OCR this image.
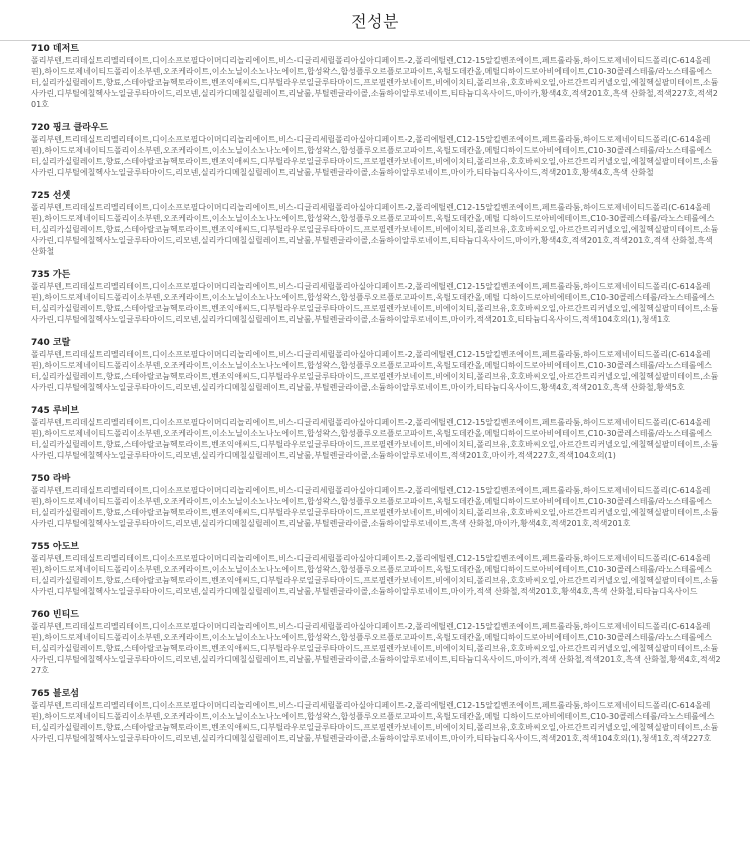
전성분

710 데저트

폴리부텐,트리데실트리멜리테이트,디이소프로필다이머디리놀리에이트,비스-디글리세릴폴리아실아디페이트-2,폴리에틸렌,C12-15알킬벤조에이트,페트롤라툼,하이드로제네이티드폴리(C-614올레핀),하이드로제네이티드폴리이소부텐,오조케라이트,이소노닐이소노나노에이트,합성왁스,합성플루오르플로고파이트,옥틸도데칸올,메틸디하이드로아비에테이트,C10-30콜레스테롤/라노스테롤에스터,실리카실릴레이트,향료,스테아랄코늄헥토라이트,벤조익애씨드,디부틸라우로일글루타마이드,프로필렌카보네이트,비에이치티,폴리브유,호호바씨오일,아르간트리커넬오일,에칠헥실팔미테이트,소듐사카린,디부틸에칠헥사노일글루타마이드,리모넨,실리카디메칠실릴레이트,리날룰,부틸렌글라이콜,소듐하이알루로네이트,티타늄디옥사이드,마이카,황색4호,적색201호,흑색 산화철,적색227호,적색201호

720 핑크 클라우드

폴리부텐,트리데실트리멜리테이트,디이소프로필다이머디리놀리에이트,비스-디글리세릴폴리아실아디페이트-2,폴리에틸렌,C12-15알킬벤조에이트,페트롤라툼,하이드로제네이티드폴리(C-614올레핀),하이드로제네이티드폴리이소부텐,오조케라이트,이소노닐이소노나노에이트,합성왁스,합성플루오르플로고파이트,옥틸도데칸올,메틸디하이드로아비에테이트,C10-30콜레스테롤/라노스테롤에스터,실리카실릴레이트,향료,스테아랄코늄헥토라이트,벤조익애씨드,디부틸라우로일글루타마이드,프로필렌카보네이트,비에이치티,폴리브유,호호바씨오일,아르간트리커넬오일,에칠헥실팔미테이트,소듐사카린,디부틸에칠헥사노일글루타마이드,리모넨,실리카디메칠실릴레이트,리날룰,부틸렌글라이콜,소듐하이알루로네이트,마이카,티타늄디옥사이드,적색201호,황색4호,흑색 산화철

725 선셋

폴리부텐,트리데실트리멜리테이트,디이소프로필다이머디리놀리에이트,비스-디글리세릴폴리아실아디페이트-2,폴리에틸렌,C12-15알킬벤조에이트,페트롤라툼,하이드로제네이티드폴리(C-614올레핀),하이드로제네이티드폴리이소부텐,오조케라이트,이소노닐이소노나노에이트,합성왁스,합성플루오르플로고파이트,옥틸도데칸올,메틸 디하이드로아비에테이트,C10-30콜레스테롤/라노스테롤에스터,실리카실릴레이트,향료,스테아랄코늄헥토라이트,벤조익애씨드,디부틸라우로일글루타마이드,프로필렌카보네이트,비에이치티,폴리브유,호호바씨오일,아르간트리커넬오일,에칠헥실팔미테이트,소듐사카린,디부틸에칠헥사노일글루타마이드,리모넨,실리카디메칠실릴레이트,리날룰,부틸렌글라이콜,소듐하이알루로네이트,티타늄디옥사이드,마이카,황색4호,적색201호,적색201호,적색 산화철,흑색 산화철

735 가든

폴리부텐,트리데실트리멜리테이트,디이소프로필다이머디리놀리에이트,비스-디글리세릴폴리아실아디페이트-2,폴리에틸렌,C12-15알킬벤조에이트,페트롤라툼,하이드로제네이티드폴리(C-614올레핀),하이드로제네이티드폴리이소부텐,오조케라이트,이소노닐이소노나노에이트,합성왁스,합성플루오르플로고파이트,옥틸도데칸올,메틸 디하이드로아비에테이트,C10-30콜레스테롤/라노스테롤에스터,실리카실릴레이트,향료,스테아랄코늄헥토라이트,벤조익애씨드,디부틸라우로일글루타마이드,프로필렌카보네이트,비에이치티,폴리브유,호호바씨오일,아르간트리커넬오일,에칠헥실팔미테이트,소듐사카린,디부틸에칠헥사노일글루타마이드,리모넨,실리카디메칠실릴레이트,리날룰,부틸렌글라이콜,소듐하이알루로네이트,마이카,적색201호,티타늄디옥사이드,적색104호의(1),청색1호

740 코랄

폴리부텐,트리데실트리멜리테이트,디이소프로필다이머디리놀리에이트,비스-디글리세릴폴리아실아디페이트-2,폴리에틸렌,C12-15알킬벤조에이트,페트롤라툼,하이드로제네이티드폴리(C-614올레핀),하이드로제네이티드폴리이소부텐,오조케라이트,이소노닐이소노나노에이트,합성왁스,합성플루오르플로고파이트,옥틸도데칸올,메틸디하이드로아비에테이트,C10-30콜레스테롤/라노스테롤에스터,실리카실릴레이트,향료,스테아랄코늄헥토라이트,벤조익애씨드,디부틸라우로일글루타마이드,프로필렌카보네이트,비에이치티,폴리브유,호호바씨오일,아르간트리커넬오일,에칠헥실팔미테이트,소듐사카린,디부틸에칠헥사노일글루타마이드,리모넨,실리카디메칠실릴레이트,리날룰,부틸렌글라이콜,소듐하이알루로네이트,마이카,티타늄디옥사이드,황색4호,적색201호,흑색 산화철,황색5호

745 루비브

폴리부텐,트리데실트리멜리테이트,디이소프로필다이머디리놀리에이트,비스-디글리세릴폴리아실아디페이트-2,폴리에틸렌,C12-15알킬벤조에이트,페트롤라툼,하이드로제네이티드폴리(C-614올레핀),하이드로제네이티드폴리이소부텐,오조케라이트,이소노닐이소노나노에이트,합성왁스,합성플루오르플로고파이트,옥틸도데칸올,메틸디하이드로아비에테이트,C10-30콜레스테롤/라노스테롤에스터,실리카실릴레이트,향료,스테아랄코늄헥토라이트,벤조익애씨드,디부틸라우로일글루타마이드,프로필렌카보네이트,비에이치티,폴리브유,호호바씨오일,아르간트리커넬오일,에칠헥실팔미테이트,소듐사카린,디부틸에칠헥사노일글루타마이드,리모넨,실리카디메칠실릴레이트,리날룰,부틸렌글라이콜,소듐하이알루로네이트,적색201호,마이카,적색227호,적색104호의(1)

750 라바

폴리부텐,트리데실트리멜리테이트,디이소프로필다이머디리놀리에이트,비스-디글리세릴폴리아실아디페이트-2,폴리에틸렌,C12-15알킬벤조에이트,페트롤라툼,하이드로제네이티드폴리(C-614올레핀),하이드로제네이티드폴리이소부텐,오조케라이트,이소노닐이소노나노에이트,합성왁스,합성플루오르플로고파이트,옥틸도데칸올,메틸디하이드로아비에테이트,C10-30콜레스테롤/라노스테롤에스터,실리카실릴레이트,향료,스테아랄코늄헥토라이트,벤조익애씨드,디부틸라우로일글루타마이드,프로필렌카보네이트,비에이치티,폴리브유,호호바씨오일,아르간트리커넬오일,에칠헥실팔미테이트,소듐사카린,디부틸에칠헥사노일글루타마이드,리모넨,실리카디메칠실릴레이트,리날룰,부틸렌글라이콜,소듐하이알루로네이트,흑색 산화철,마이카,황색4호,적색201호,적색201호

755 아도브

폴리부텐,트리데실트리멜리테이트,디이소프로필다이머디리놀리에이트,비스-디글리세릴폴리아실아디페이트-2,폴리에틸렌,C12-15알킬벤조에이트,페트롤라툼,하이드로제네이티드폴리(C-614올레핀),하이드로제네이티드폴리이소부텐,오조케라이트,이소노닐이소노나노에이트,합성왁스,합성플루오르플로고파이트,옥틸도데칸올,메틸디하이드로아비에테이트,C10-30콜레스테롤/라노스테롤에스터,실리카실릴레이트,향료,스테아랄코늄헥토라이트,벤조익애씨드,디부틸라우로일글루타마이드,프로필렌카보네이트,비에이치티,폴리브유,호호바씨오일,아르간트리커넬오일,에칠헥실팔미테이트,소듐사카린,디부틸에칠헥사노일글루타마이드,리모넨,실리카디메칠실릴레이트,리날룰,부틸렌글라이콜,소듐하이알루로네이트,마이카,적색 산화철,적색201호,황색4호,흑색 산화철,티타늄디옥사이드

760 빈티드

폴리부텐,트리데실트리멜리테이트,디이소프로필다이머디리놀리에이트,비스-디글리세릴폴리아실아디페이트-2,폴리에틸렌,C12-15알킬벤조에이트,페트롤라툼,하이드로제네이티드폴리(C-614올레핀),하이드로제네이티드폴리이소부텐,오조케라이트,이소노닐이소노나노에이트,합성왁스,합성플루오르플로고파이트,옥틸도데칸올,메틸디하이드로아비에테이트,C10-30콜레스테롤/라노스테롤에스터,실리카실릴레이트,향료,스테아랄코늄헥토라이트,벤조익애씨드,디부틸라우로일글루타마이드,프로필렌카보네이트,비에이치티,폴리브유,호호바씨오일,아르간트리커넬오일,에칠헥실팔미테이트,소듐사카린,디부틸에칠헥사노일글루타마이드,리모넨,실리카디메칠실릴레이트,리날룰,부틸렌글라이콜,소듐하이알루로네이트,티타늄디옥사이드,마이카,적색 산화철,적색201호,흑색 산화철,황색4호,적색227호

765 블로섬

폴리부텐,트리데실트리멜리테이트,디이소프로필다이머디리놀리에이트,비스-디글리세릴폴리아실아디페이트-2,폴리에틸렌,C12-15알킬벤조에이트,페트롤라툼,하이드로제네이티드폴리(C-614올레핀),하이드로제네이티드폴리이소부텐,오조케라이트,이소노닐이소노나노에이트,합성왁스,합성플루오르플로고파이트,옥틸도데칸올,메틸 디하이드로아비에테이트,C10-30콜레스테롤/라노스테롤에스터,실리카실릴레이트,향료,스테아랄코늄헥토라이트,벤조익애씨드,디부틸라우로일글루타마이드,프로필렌카보네이트,비에이치티,폴리브유,호호바씨오일,아르간트리커넬오일,에칠헥실팔미테이트,소듐사카린,디부틸에칠헥사노일글루타마이드,리모넨,실리카디메칠실릴레이트,리날룰,부틸렌글라이콜,소듐하이알루로네이트,마이카,티타늄디옥사이드,적색201호,적색104호의(1),청색1호,적색227호
